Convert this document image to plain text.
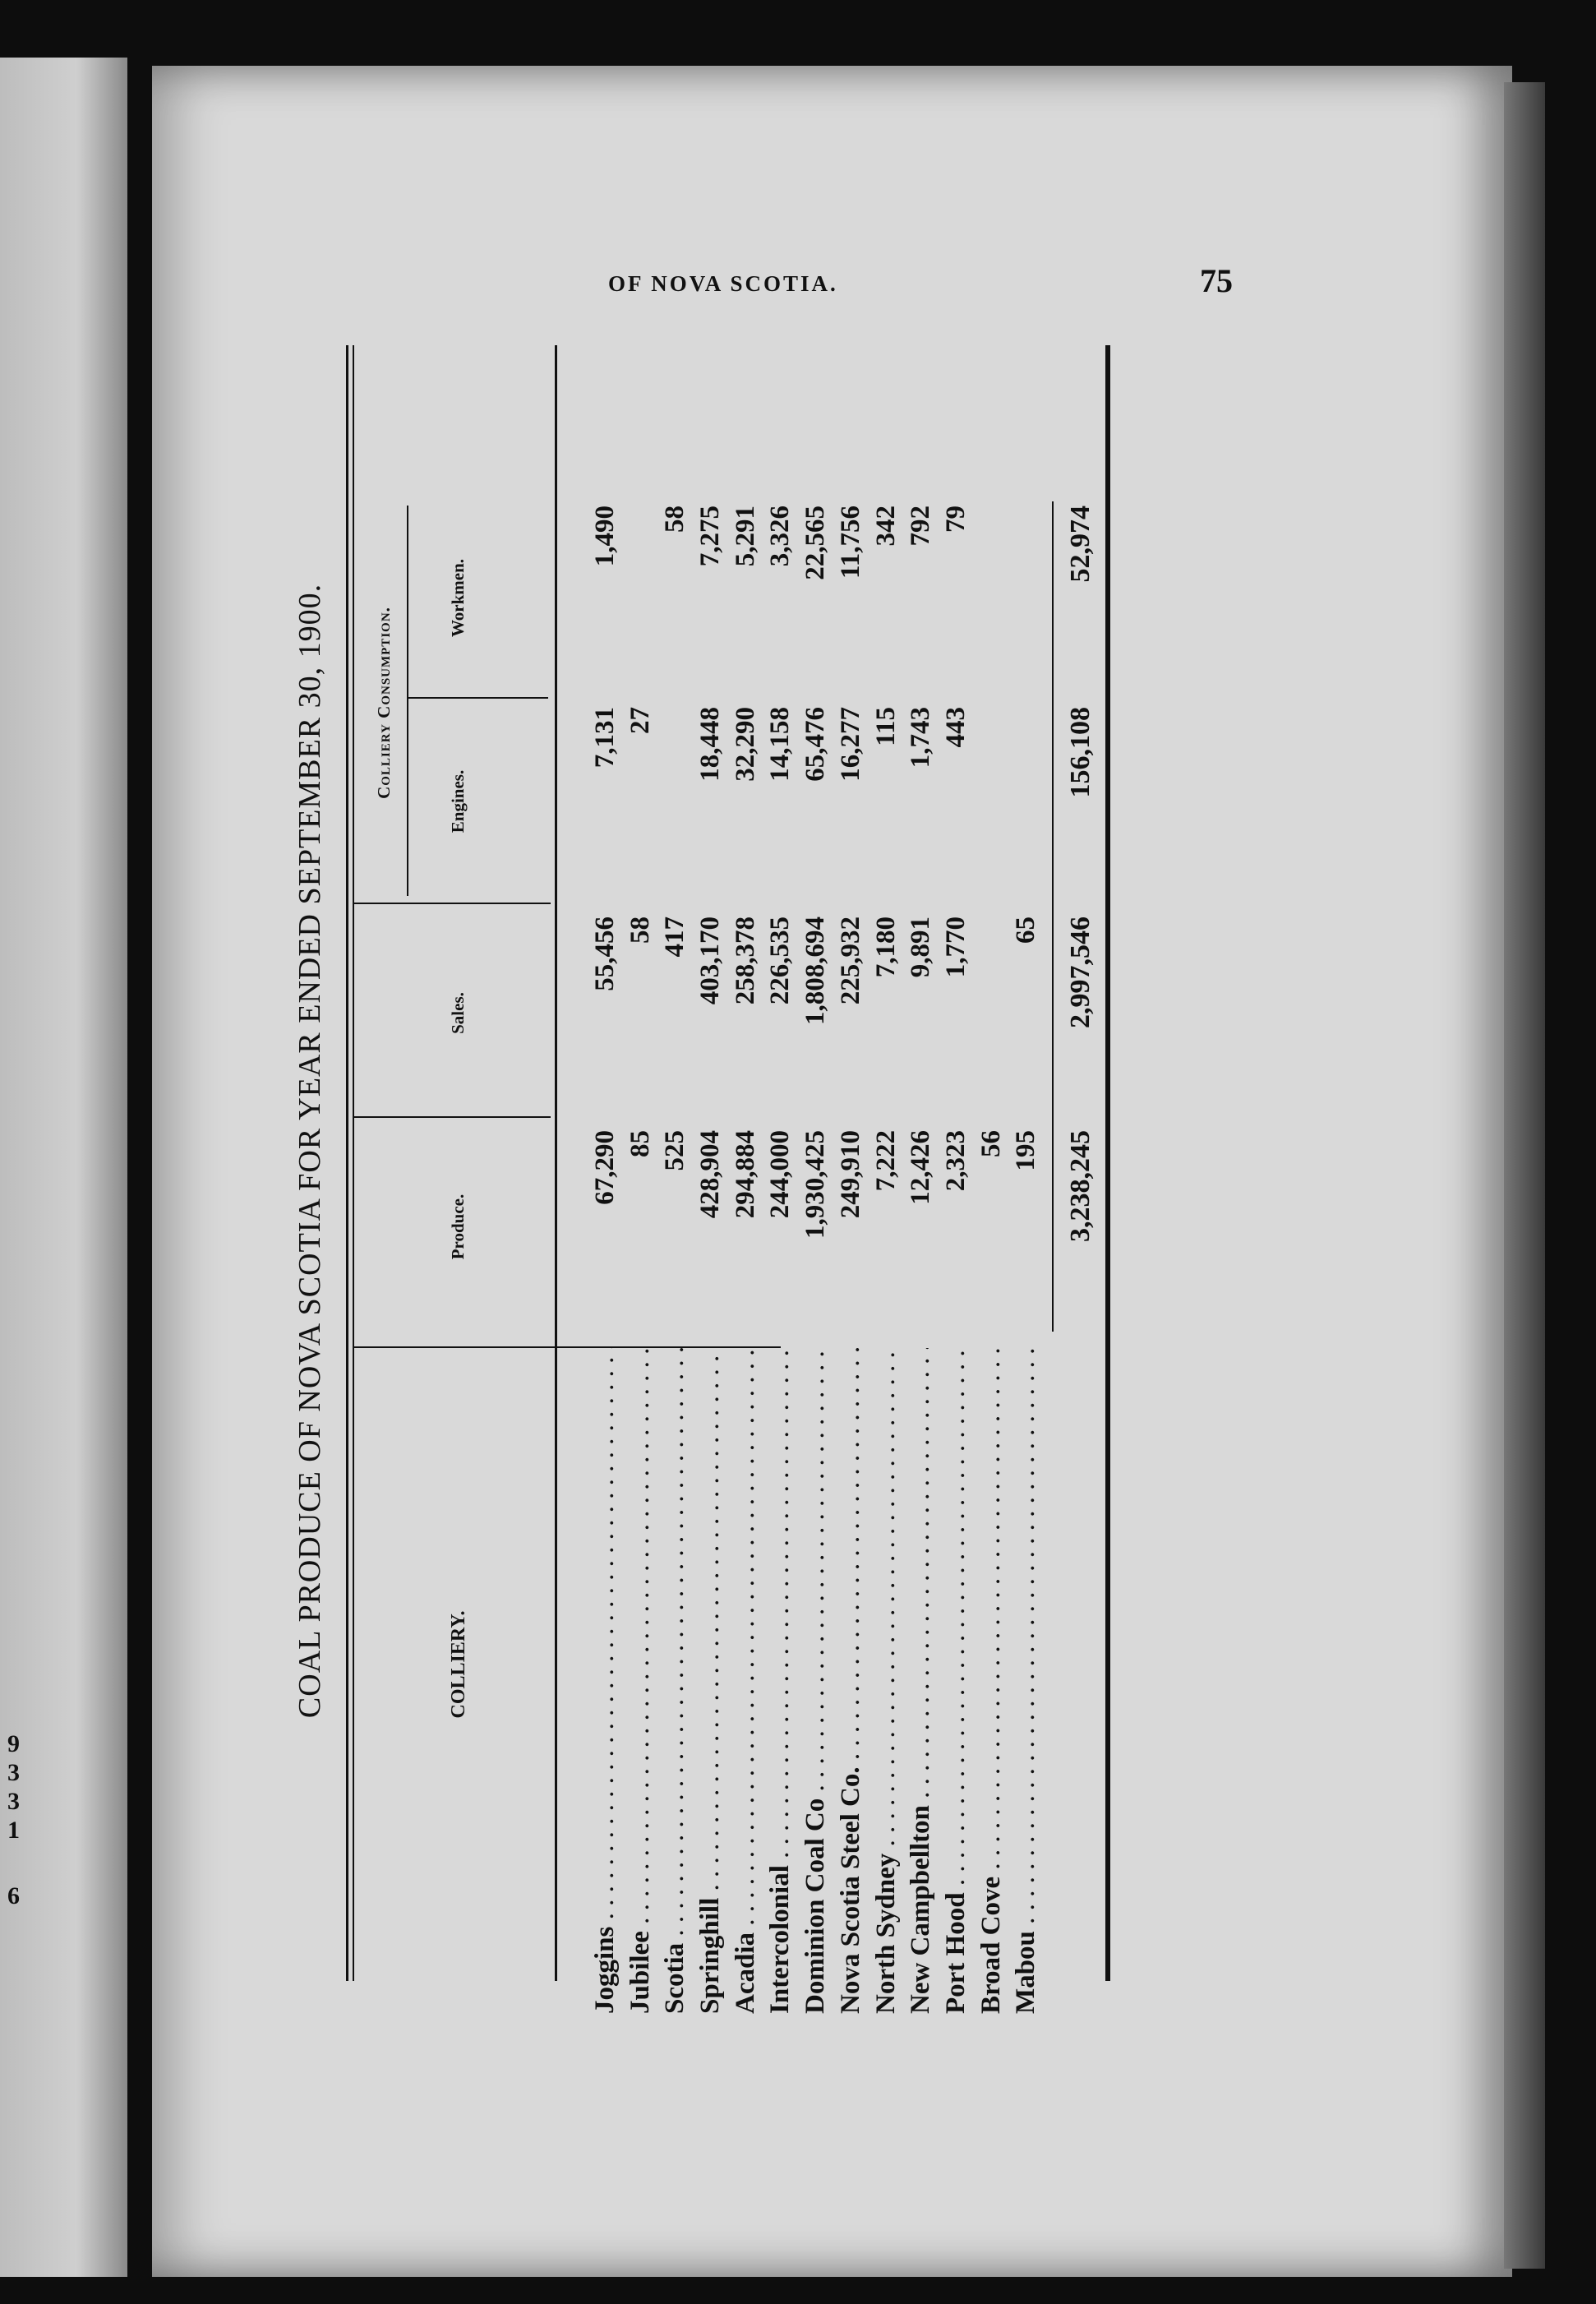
9
3
3
1
6
OF NOVA SCOTIA.	75
COAL PRODUCE OF NOVA SCOTIA FOR YEAR ENDED SEPTEMBER 30, 1900.	COLLIERY.
Produce.
Sales.
Colliery Consumption.
Engines.
Workmen.
Joggins . . .
67,290
55,456
7,131
1,490
Jubilee . . .
85
58
27
Scotia . . .
525
417
58
Springhill . . .
428,904
403,170
18,448
7,275
Acadia . . .
294,884
258,378
32,290
5,291
Intercolonial . . .
244,000
226,535
14,158
3,326
Dominion Coal Co . . .
1,930,425
1,808,694
65,476
22,565
Nova Scotia Steel Co. . . .
249,910
225,932
16,277
11,756
North Sydney . . .
7,222
7,180
115
342
New Campbellton . . .
12,426
9,891
1,743
792
Port Hood . . .
2,323
1,770
443
79
Broad Cove . . .
56
Mabou . . .
195
65
3,238,245
2,997,546
156,108
52,974
